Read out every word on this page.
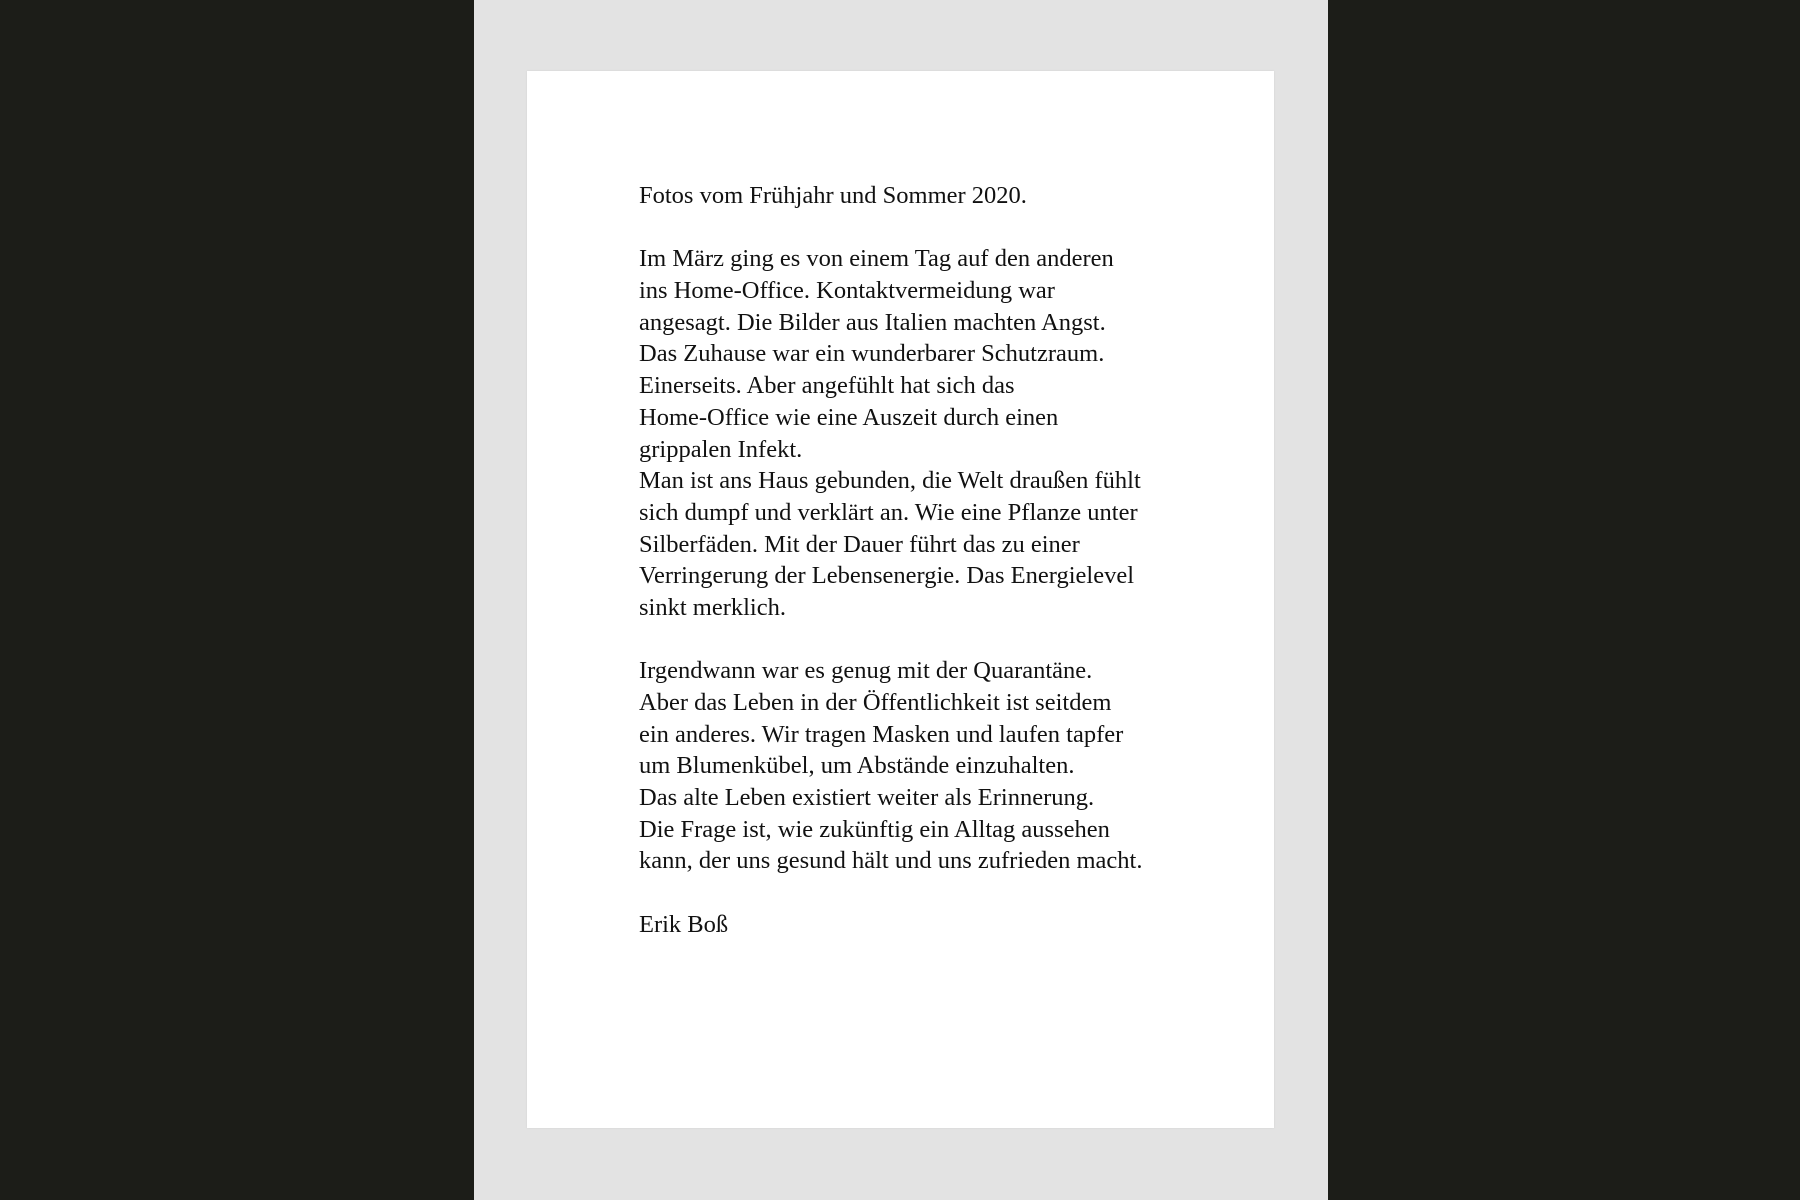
Fotos vom Frühjahr und Sommer 2020.
Im März ging es von einem Tag auf den anderen
ins Home-Office. Kontaktvermeidung war
angesagt. Die Bilder aus Italien machten Angst.
Das Zuhause war ein wunderbarer Schutzraum.
Einerseits. Aber angefühlt hat sich das
Home-Office wie eine Auszeit durch einen
grippalen Infekt.
Man ist ans Haus gebunden, die Welt draußen fühlt
sich dumpf und verklärt an. Wie eine Pflanze unter
Silberfäden. Mit der Dauer führt das zu einer
Verringerung der Lebensenergie. Das Energielevel
sinkt merklich.
Irgendwann war es genug mit der Quarantäne.
Aber das Leben in der Öffentlichkeit ist seitdem
ein anderes. Wir tragen Masken und laufen tapfer
um Blumenkübel, um Abstände einzuhalten.
Das alte Leben existiert weiter als Erinnerung.
Die Frage ist, wie zukünftig ein Alltag aussehen
kann, der uns gesund hält und uns zufrieden macht.
Erik Boß
